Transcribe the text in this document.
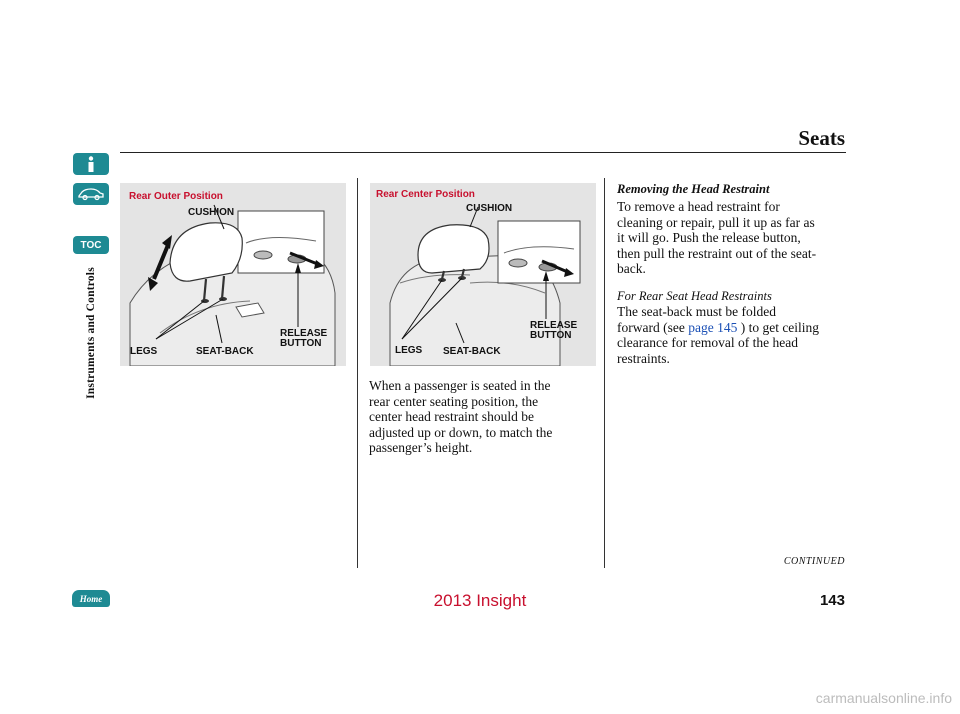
TOC
Instruments and Controls
Seats
Rear Outer Position
CUSHION
LEGS	SEAT-BACK
RELEASE
BUTTON
Rear Center Position
CUSHION
LEGS SEAT-BACK
RELEASE
BUTTON
When a passenger is seated in the
rear center seating position, the
center head restraint should be
adjusted up or down, to match the
passenger’s height.
Removing the Head Restraint
To remove a head restraint for
cleaning or repair, pull it up as far as
it will go. Push the release button,
then pull the restraint out of the seat-
back.
For Rear Seat Head Restraints
The seat-back must be folded
forward (see page 145 ) to get ceiling
clearance for removal of the head
restraints.
CONTINUED
Home	2013 Insight	143
carmanualsonline.info
